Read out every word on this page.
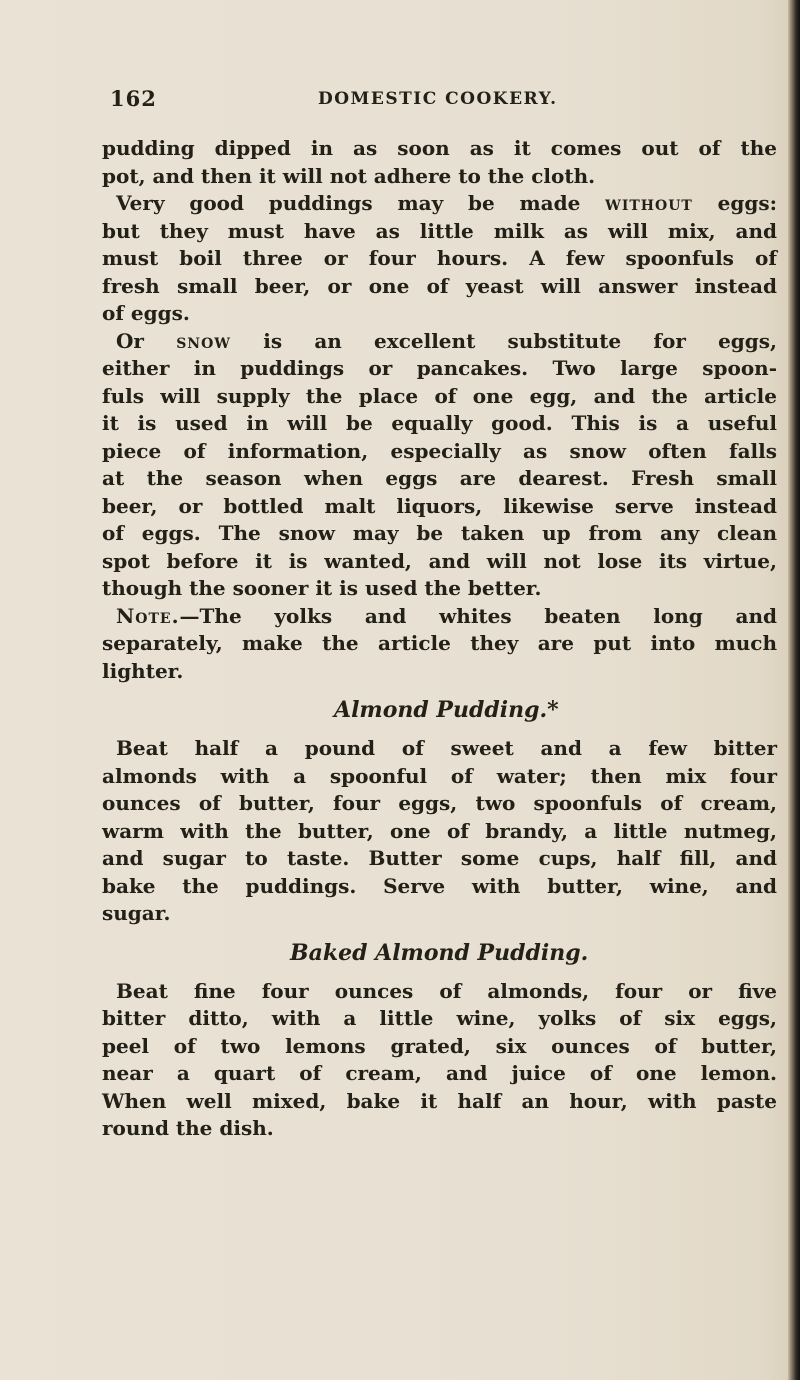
162	DOMESTIC COOKERY.
pudding dipped in as soon as it comes out of the
pot, and then it will not adhere to the cloth.
Very good puddings may be made without eggs:
but they must have as little milk as will mix, and
must boil three or four hours. A few spoonfuls of
fresh small beer, or one of yeast will answer instead
of eggs.
Or snow is an excellent substitute for eggs,
either in puddings or pancakes. Two large spoon-
fuls will supply the place of one egg, and the article
it is used in will be equally good. This is a useful
piece of information, especially as snow often falls
at the season when eggs are dearest. Fresh small
beer, or bottled malt liquors, likewise serve instead
of eggs. The snow may be taken up from any clean
spot before it is wanted, and will not lose its virtue,
though the sooner it is used the better.
Note.—The yolks and whites beaten long and
separately, make the article they are put into much
lighter.
Almond Pudding.*
Beat half a pound of sweet and a few bitter
almonds with a spoonful of water; then mix four
ounces of butter, four eggs, two spoonfuls of cream,
warm with the butter, one of brandy, a little nutmeg,
and sugar to taste. Butter some cups, half fill, and
bake the puddings. Serve with butter, wine, and
sugar.
Baked Almond Pudding.
Beat fine four ounces of almonds, four or five
bitter ditto, with a little wine, yolks of six eggs,
peel of two lemons grated, six ounces of butter,
near a quart of cream, and juice of one lemon.
When well mixed, bake it half an hour, with paste
round the dish.
